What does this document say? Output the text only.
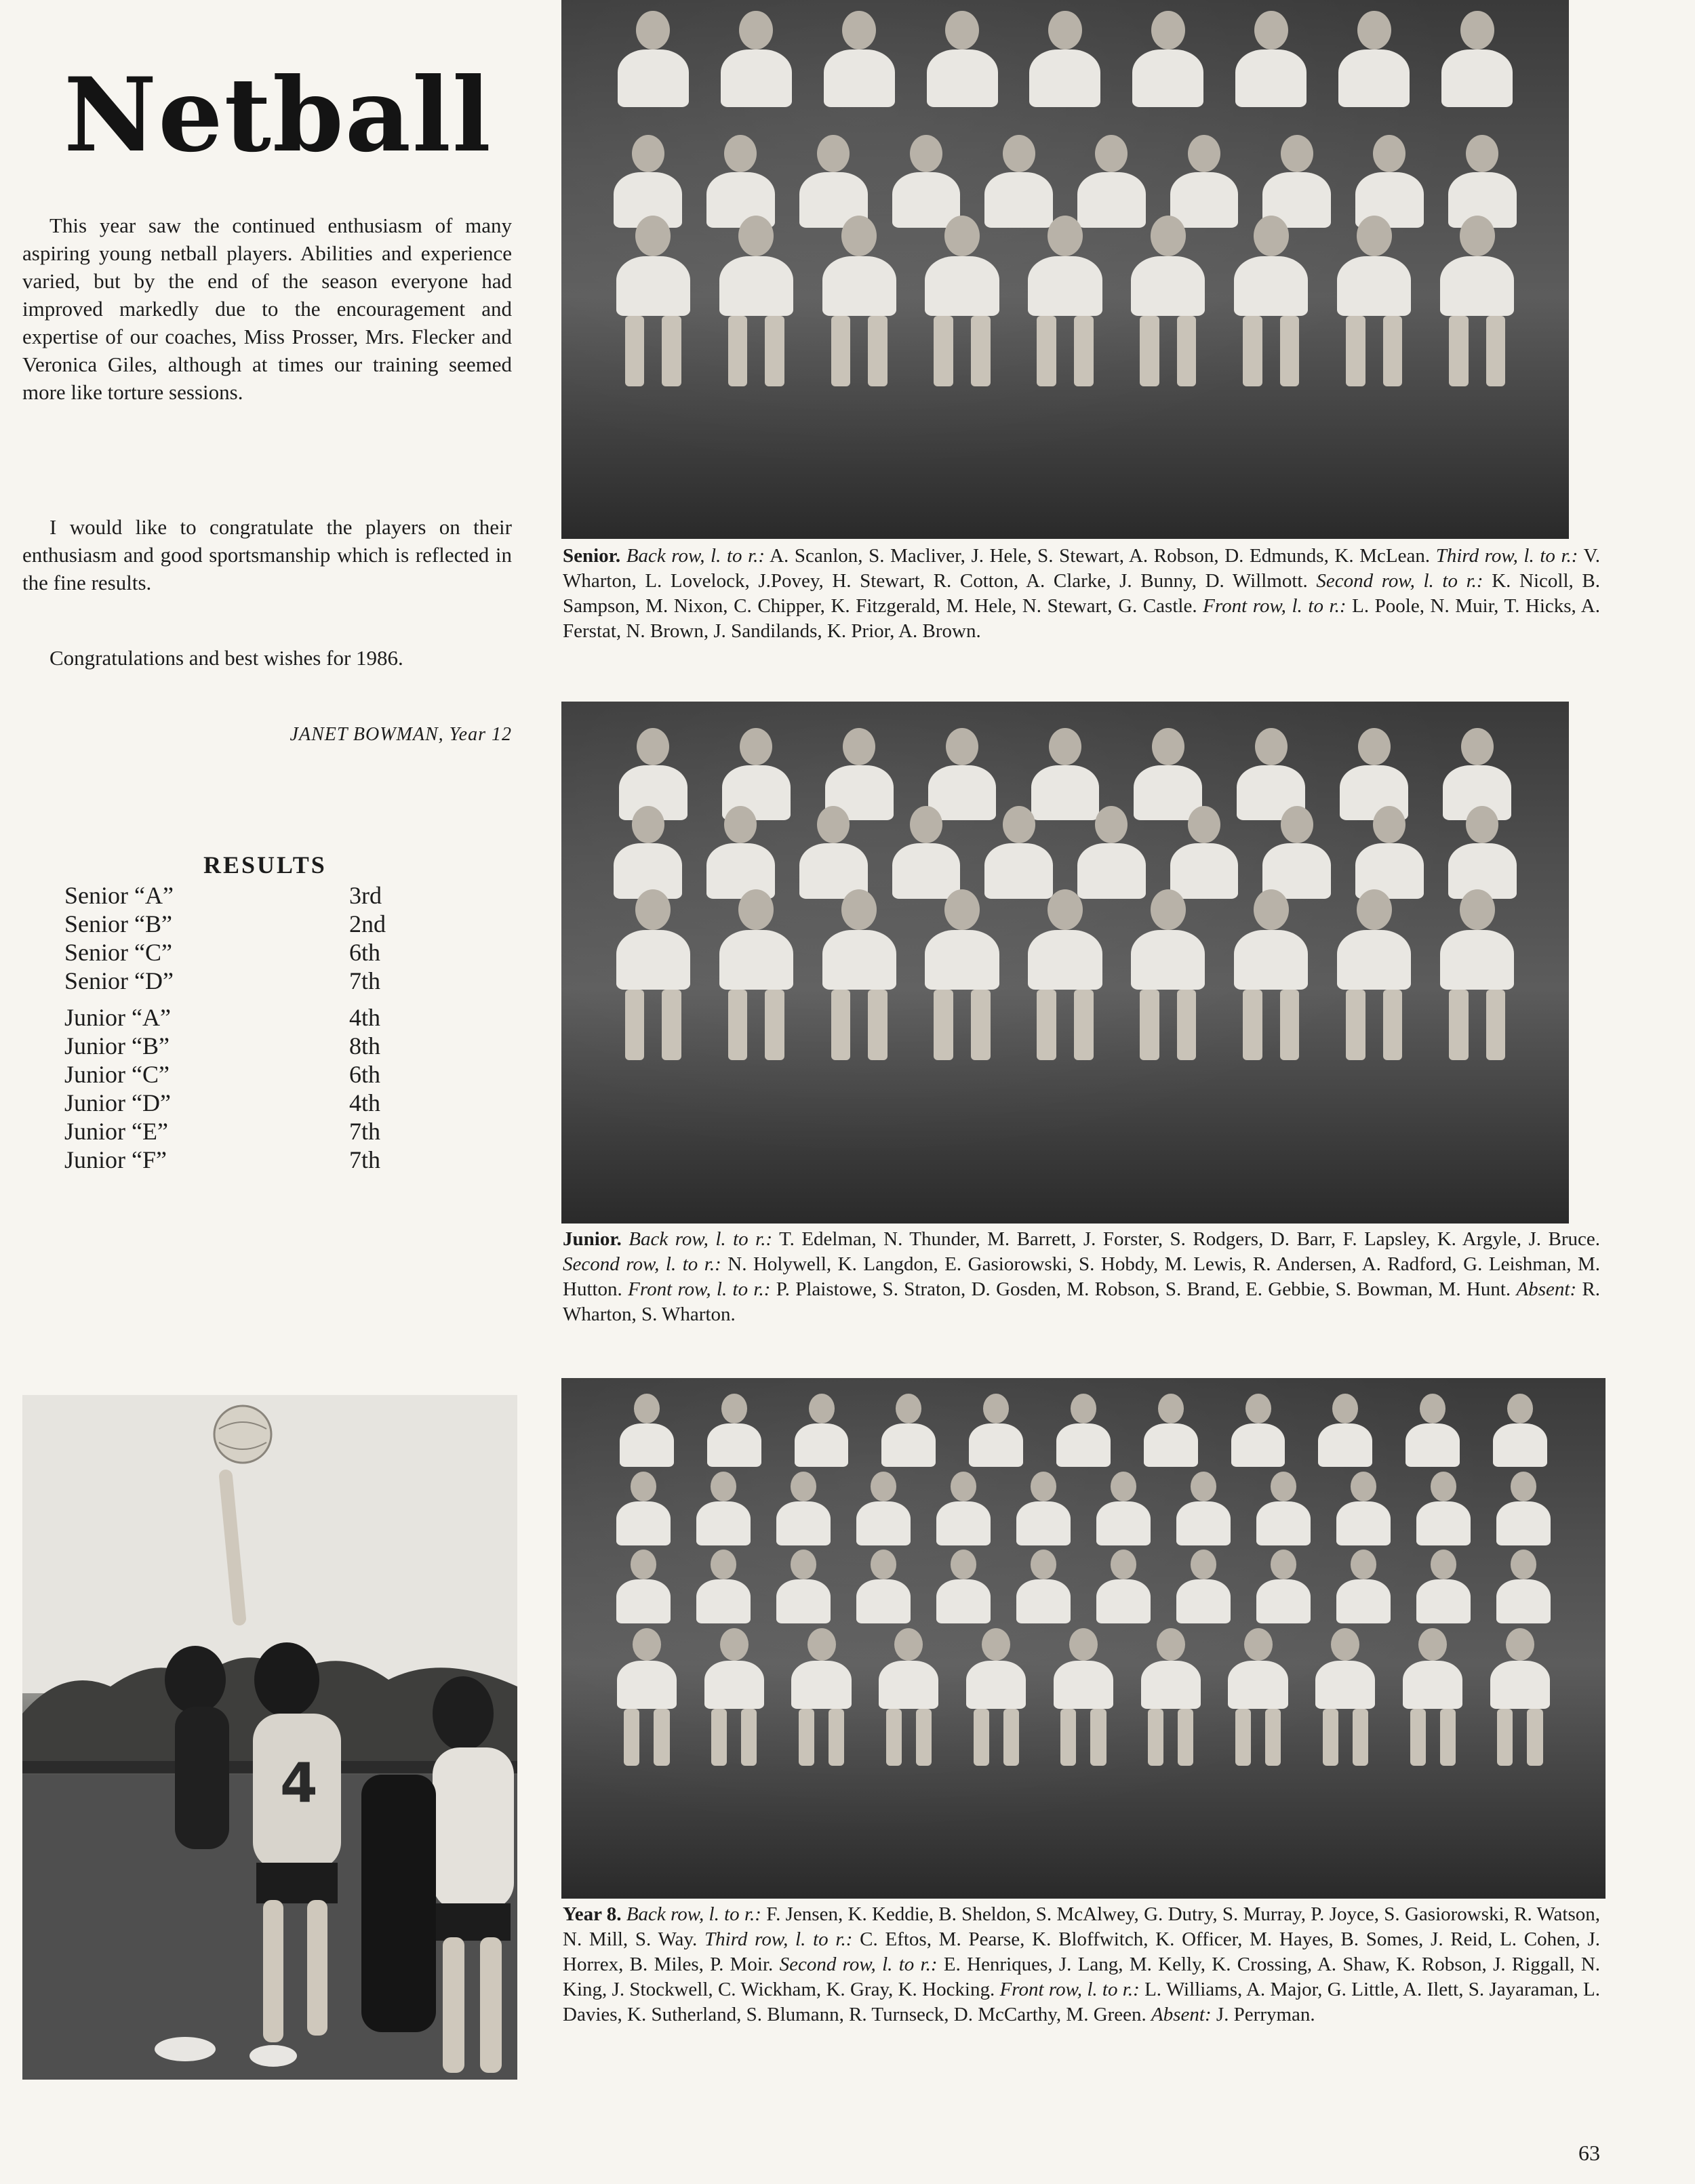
Netball

This year saw the continued enthusiasm of many aspiring young netball players. Abilities and experience varied, but by the end of the season everyone had improved markedly due to the encouragement and expertise of our coaches, Miss Prosser, Mrs. Flecker and Veronica Giles, although at times our training seemed more like torture sessions.

I would like to congratulate the players on their enthusiasm and good sportsmanship which is reflected in the fine results.

Congratulations and best wishes for 1986.

JANET BOWMAN, Year 12
RESULTS
Senior “A”	3rd
Senior “B”	2nd
Senior “C”	6th
Senior “D”	7th
Junior “A”	4th
Junior “B”	8th
Junior “C”	6th
Junior “D”	4th
Junior “E”	7th
Junior “F”	7th
Senior. Back row, l. to r.: A. Scanlon, S. Macliver, J. Hele, S. Stewart, A. Robson, D. Edmunds, K. McLean. Third row, l. to r.: V. Wharton, L. Lovelock, J.Povey, H. Stewart, R. Cotton, A. Clarke, J. Bunny, D. Willmott. Second row, l. to r.: K. Nicoll, B. Sampson, M. Nixon, C. Chipper, K. Fitzgerald, M. Hele, N. Stewart, G. Castle. Front row, l. to r.: L. Poole, N. Muir, T. Hicks, A. Ferstat, N. Brown, J. Sandilands, K. Prior, A. Brown.
Junior. Back row, l. to r.: T. Edelman, N. Thunder, M. Barrett, J. Forster, S. Rodgers, D. Barr, F. Lapsley, K. Argyle, J. Bruce. Second row, l. to r.: N. Holywell, K. Langdon, E. Gasiorowski, S. Hobdy, M. Lewis, R. Andersen, A. Radford, G. Leishman, M. Hutton. Front row, l. to r.: P. Plaistowe, S. Straton, D. Gosden, M. Robson, S. Brand, E. Gebbie, S. Bowman, M. Hunt. Absent: R. Wharton, S. Wharton.
Year 8. Back row, l. to r.: F. Jensen, K. Keddie, B. Sheldon, S. McAlwey, G. Dutry, S. Murray, P. Joyce, S. Gasiorowski, R. Watson, N. Mill, S. Way. Third row, l. to r.: C. Eftos, M. Pearse, K. Bloffwitch, K. Officer, M. Hayes, B. Somes, J. Reid, L. Cohen, J. Horrex, B. Miles, P. Moir. Second row, l. to r.: E. Henriques, J. Lang, M. Kelly, K. Crossing, A. Shaw, K. Robson, J. Riggall, N. King, J. Stockwell, C. Wickham, K. Gray, K. Hocking. Front row, l. to r.: L. Williams, A. Major, G. Little, A. Ilett, S. Jayaraman, L. Davies, K. Sutherland, S. Blumann, R. Turnseck, D. McCarthy, M. Green. Absent: J. Perryman.
4
63
